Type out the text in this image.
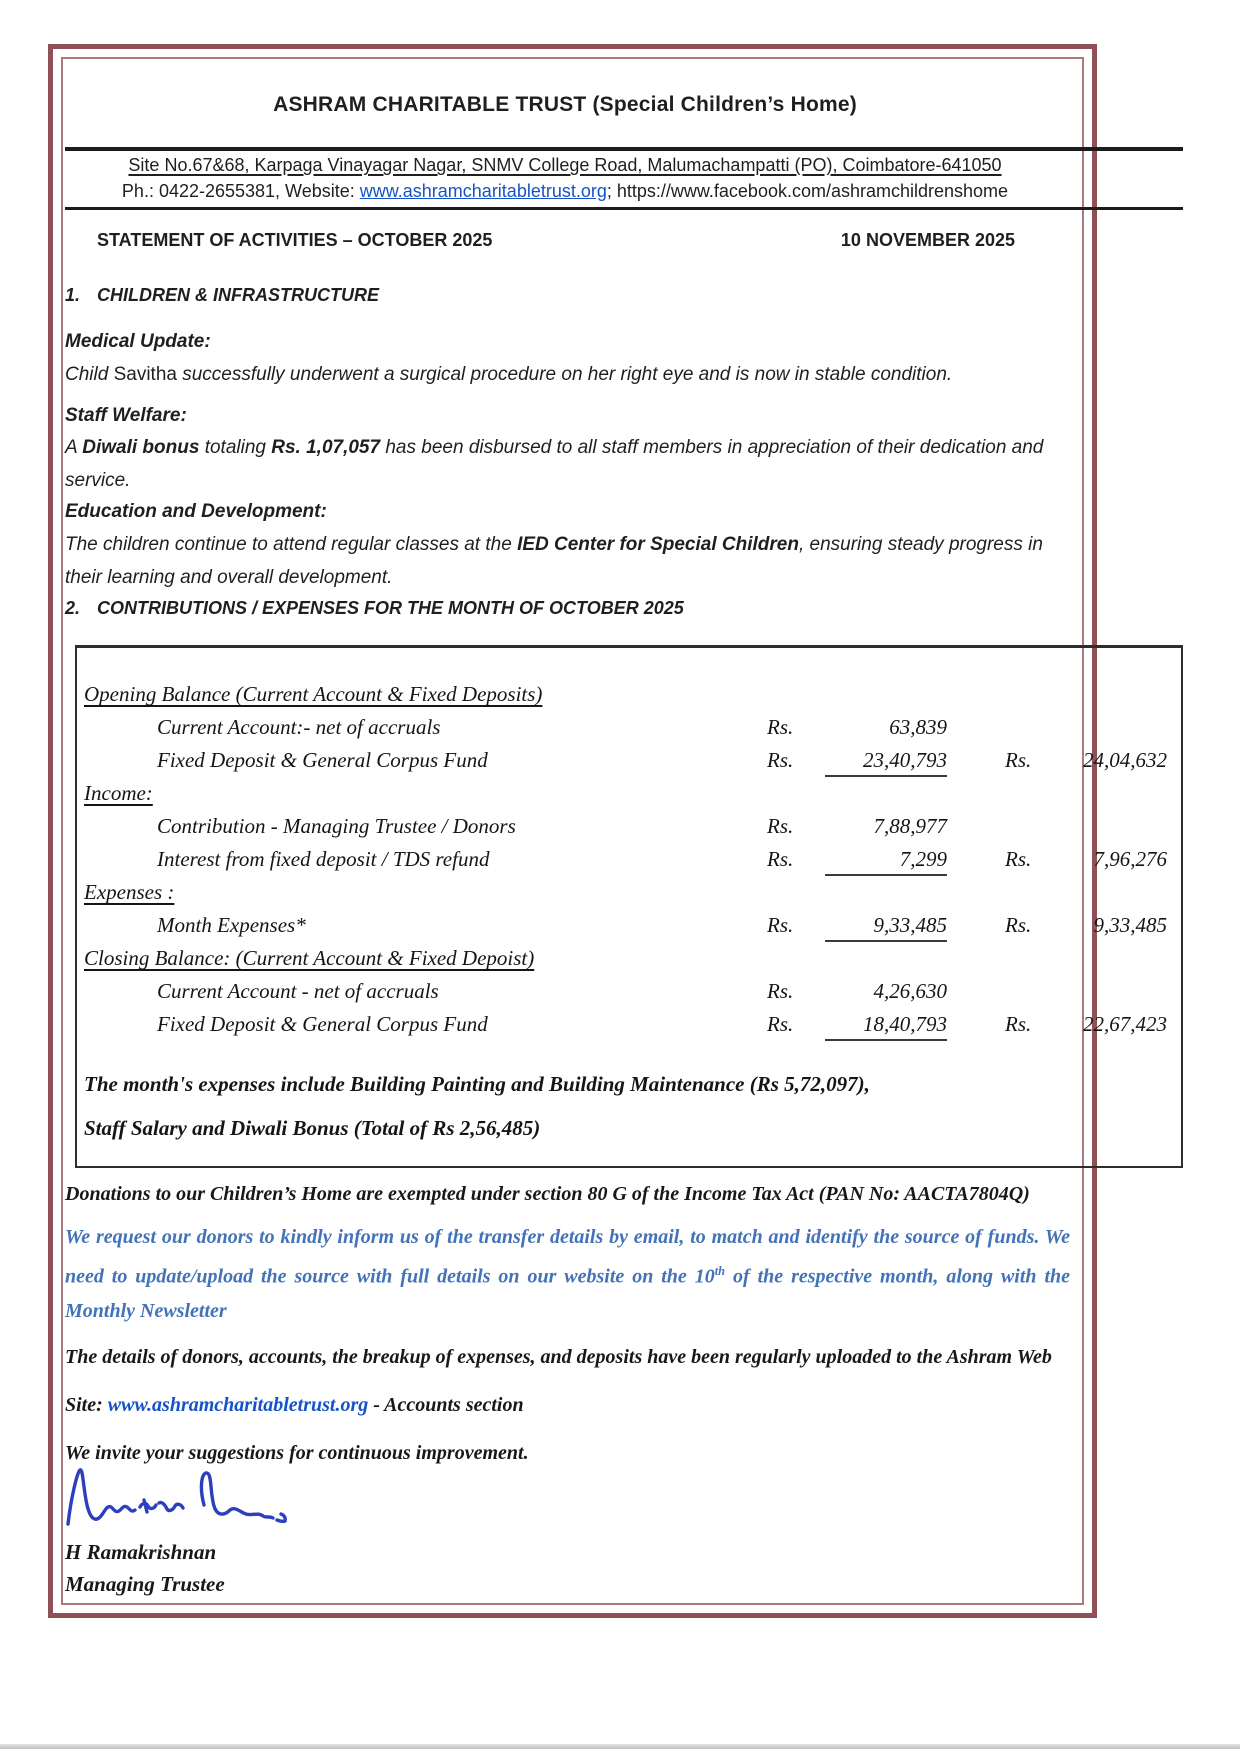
ASHRAM CHARITABLE TRUST (Special Children’s Home)
Site No.67&68, Karpaga Vinayagar Nagar, SNMV College Road, Malumachampatti (PO), Coimbatore-641050
Ph.: 0422-2655381, Website: www.ashramcharitabletrust.org; https://www.facebook.com/ashramchildrenshome
STATEMENT OF ACTIVITIES – OCTOBER 2025	10 NOVEMBER 2025
1. CHILDREN & INFRASTRUCTURE
Medical Update:
Child Savitha successfully underwent a surgical procedure on her right eye and is now in stable condition.
Staff Welfare:
A Diwali bonus totaling Rs. 1,07,057 has been disbursed to all staff members in appreciation of their dedication and service.
Education and Development:
The children continue to attend regular classes at the IED Center for Special Children, ensuring steady progress in their learning and overall development.
2. CONTRIBUTIONS / EXPENSES FOR THE MONTH OF OCTOBER 2025
Opening Balance (Current Account & Fixed Deposits)
Current Account:- net of accruals	Rs.	63,839
Fixed Deposit & General Corpus Fund	Rs.	23,40,793	Rs.	24,04,632
Income:
Contribution - Managing Trustee / Donors	Rs.	7,88,977
Interest from fixed deposit / TDS refund	Rs.	7,299	Rs.	7,96,276
Expenses :
Month Expenses*	Rs.	9,33,485	Rs.	9,33,485
Closing Balance: (Current Account & Fixed Depoist)
Current Account - net of accruals	Rs.	4,26,630
Fixed Deposit & General Corpus Fund	Rs.	18,40,793	Rs.	22,67,423
The month's expenses include Building Painting and Building Maintenance (Rs 5,72,097),
Staff Salary and Diwali Bonus (Total of Rs 2,56,485)
Donations to our Children’s Home are exempted under section 80 G of the Income Tax Act (PAN No: AACTA7804Q)
We request our donors to kindly inform us of the transfer details by email, to match and identify the source of funds. We need to update/upload the source with full details on our website on the 10th of the respective month, along with the Monthly Newsletter
The details of donors, accounts, the breakup of expenses, and deposits have been regularly uploaded to the Ashram Web
Site: www.ashramcharitabletrust.org - Accounts section
We invite your suggestions for continuous improvement.
H Ramakrishnan
Managing Trustee
